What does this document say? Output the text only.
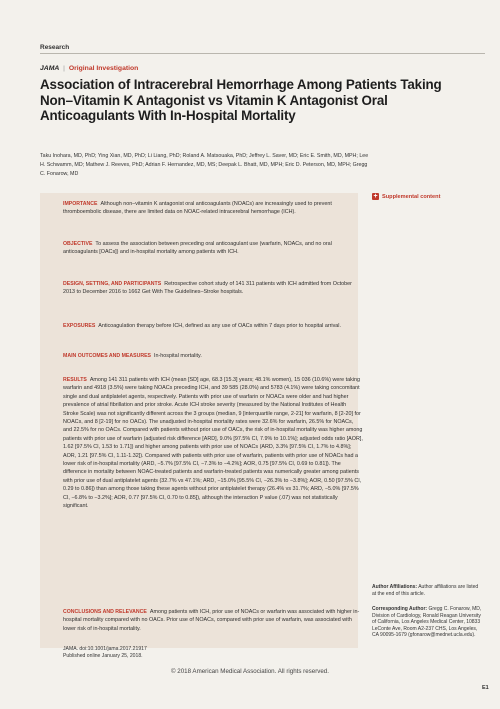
Research
JAMA | Original Investigation
Association of Intracerebral Hemorrhage Among Patients Taking Non–Vitamin K Antagonist vs Vitamin K Antagonist Oral Anticoagulants With In-Hospital Mortality
Taku Inohara, MD, PhD; Ying Xian, MD, PhD; Li Liang, PhD; Roland A. Matsouaka, PhD; Jeffrey L. Saver, MD; Eric E. Smith, MD, MPH; Lee H. Schwamm, MD; Mathew J. Reeves, PhD; Adrian F. Hernandez, MD, MS; Deepak L. Bhatt, MD, MPH; Eric D. Peterson, MD, MPH; Gregg C. Fonarow, MD
+ Supplemental content
IMPORTANCE Although non–vitamin K antagonist oral anticoagulants (NOACs) are increasingly used to prevent thromboembolic disease, there are limited data on NOAC-related intracerebral hemorrhage (ICH).
OBJECTIVE To assess the association between preceding oral anticoagulant use (warfarin, NOACs, and no oral anticoagulants [OACs]) and in-hospital mortality among patients with ICH.
DESIGN, SETTING, AND PARTICIPANTS Retrospective cohort study of 141 311 patients with ICH admitted from October 2013 to December 2016 to 1662 Get With The Guidelines–Stroke hospitals.
EXPOSURES Anticoagulation therapy before ICH, defined as any use of OACs within 7 days prior to hospital arrival.
MAIN OUTCOMES AND MEASURES In-hospital mortality.
RESULTS Among 141 311 patients with ICH (mean [SD] age, 68.3 [15.3] years; 48.1% women), 15 036 (10.6%) were taking warfarin and 4918 (3.5%) were taking NOACs preceding ICH, and 39 585 (28.0%) and 5783 (4.1%) were taking concomitant single and dual antiplatelet agents, respectively. Patients with prior use of warfarin or NOACs were older and had higher prevalence of atrial fibrillation and prior stroke. Acute ICH stroke severity (measured by the National Institutes of Health Stroke Scale) was not significantly different across the 3 groups (median, 9 [interquartile range, 2-21] for warfarin, 8 [2-20] for NOACs, and 8 [2-19] for no OACs). The unadjusted in-hospital mortality rates were 32.6% for warfarin, 26.5% for NOACs, and 22.5% for no OACs. Compared with patients without prior use of OACs, the risk of in-hospital mortality was higher among patients with prior use of warfarin (adjusted risk difference [ARD], 9.0% [97.5% CI, 7.9% to 10.1%]; adjusted odds ratio [AOR], 1.62 [97.5% CI, 1.53 to 1.71]) and higher among patients with prior use of NOACs (ARD, 3.3% [97.5% CI, 1.7% to 4.8%]; AOR, 1.21 [97.5% CI, 1.11-1.32]). Compared with patients with prior use of warfarin, patients with prior use of NOACs had a lower risk of in-hospital mortality (ARD, −5.7% [97.5% CI, −7.3% to −4.2%]; AOR, 0.75 [97.5% CI, 0.69 to 0.81]). The difference in mortality between NOAC-treated patients and warfarin-treated patients was numerically greater among patients with prior use of dual antiplatelet agents (32.7% vs 47.1%; ARD, −15.0% [95.5% CI, −26.3% to −3.8%]; AOR, 0.50 [97.5% CI, 0.29 to 0.86]) than among those taking these agents without prior antiplatelet therapy (26.4% vs 31.7%; ARD, −5.0% [97.5% CI, −6.8% to −3.2%]; AOR, 0.77 [97.5% CI, 0.70 to 0.85]), although the interaction P value (.07) was not statistically significant.
CONCLUSIONS AND RELEVANCE Among patients with ICH, prior use of NOACs or warfarin was associated with higher in-hospital mortality compared with no OACs. Prior use of NOACs, compared with prior use of warfarin, was associated with lower risk of in-hospital mortality.
JAMA. doi:10.1001/jama.2017.21917
Published online January 25, 2018.
Author Affiliations: Author affiliations are listed at the end of this article.
Corresponding Author: Gregg C. Fonarow, MD, Division of Cardiology, Ronald Reagan University of California, Los Angeles Medical Center, 10833 LeConte Ave, Room A2-237 CHS, Los Angeles, CA 90095-1679 (gfonarow@mednet.ucla.edu).
© 2018 American Medical Association. All rights reserved.
E1
